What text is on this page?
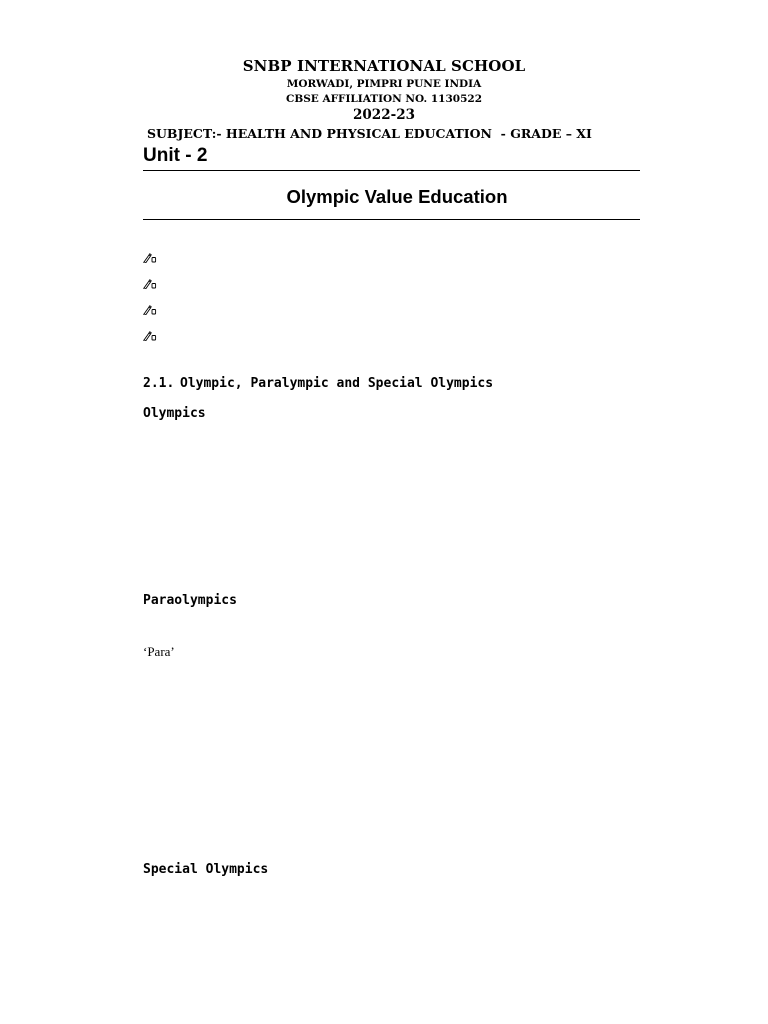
SNBP INTERNATIONAL SCHOOL
MORWADI, PIMPRI PUNE INDIA
CBSE AFFILIATION NO. 1130522
2022-23
SUBJECT:- HEALTH AND PHYSICAL EDUCATION  - GRADE – XI
Unit - 2
Olympic Value Education
2.1. Olympic, Paralympic and Special Olympics
Olympics
Paraolympics
‘Para’
Special Olympics
